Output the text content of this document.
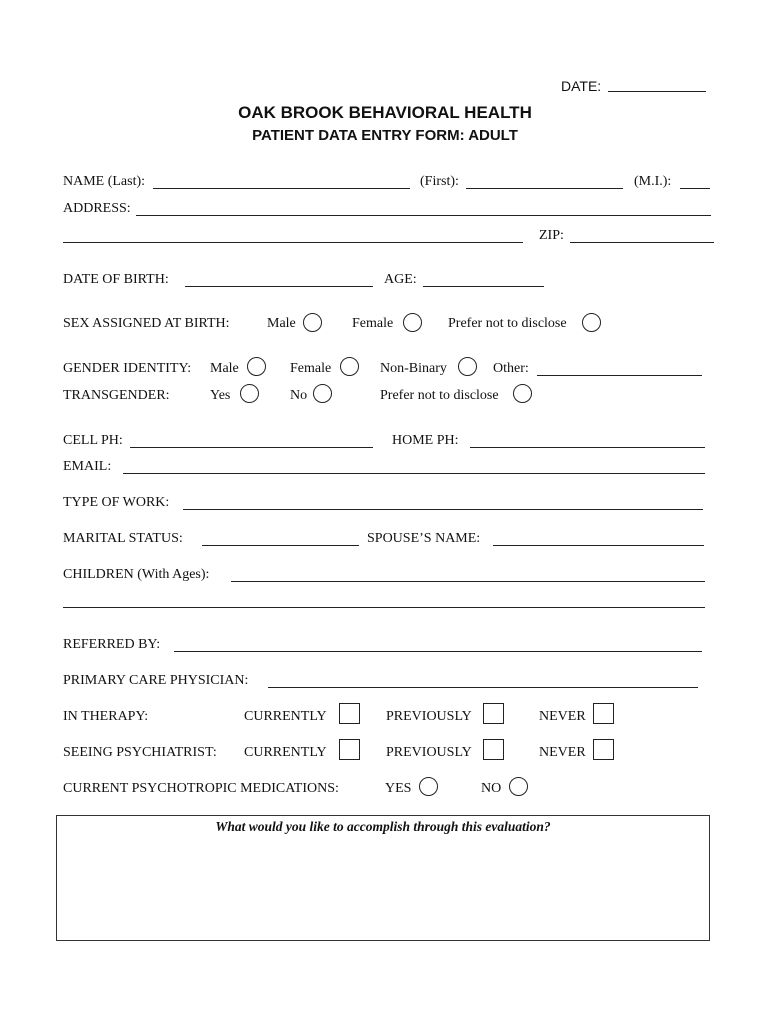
DATE:
OAK BROOK BEHAVIORAL HEALTH
PATIENT DATA ENTRY FORM: ADULT
NAME (Last):	(First):	(M.I.):
ADDRESS:
ZIP:
DATE OF BIRTH:	AGE:
SEX ASSIGNED AT BIRTH:	Male	Female	Prefer not to disclose
GENDER IDENTITY: Male	Female	Non-Binary	Other:
TRANSGENDER:	Yes	No	Prefer not to disclose
CELL PH:	HOME PH:
EMAIL:
TYPE OF WORK:
MARITAL STATUS:	SPOUSE’S NAME:
CHILDREN (With Ages):
REFERRED BY:
PRIMARY CARE PHYSICIAN:
IN THERAPY:	CURRENTLY	PREVIOUSLY	NEVER
SEEING PSYCHIATRIST: CURRENTLY	PREVIOUSLY	NEVER
CURRENT PSYCHOTROPIC MEDICATIONS:	YES	NO
What would you like to accomplish through this evaluation?
